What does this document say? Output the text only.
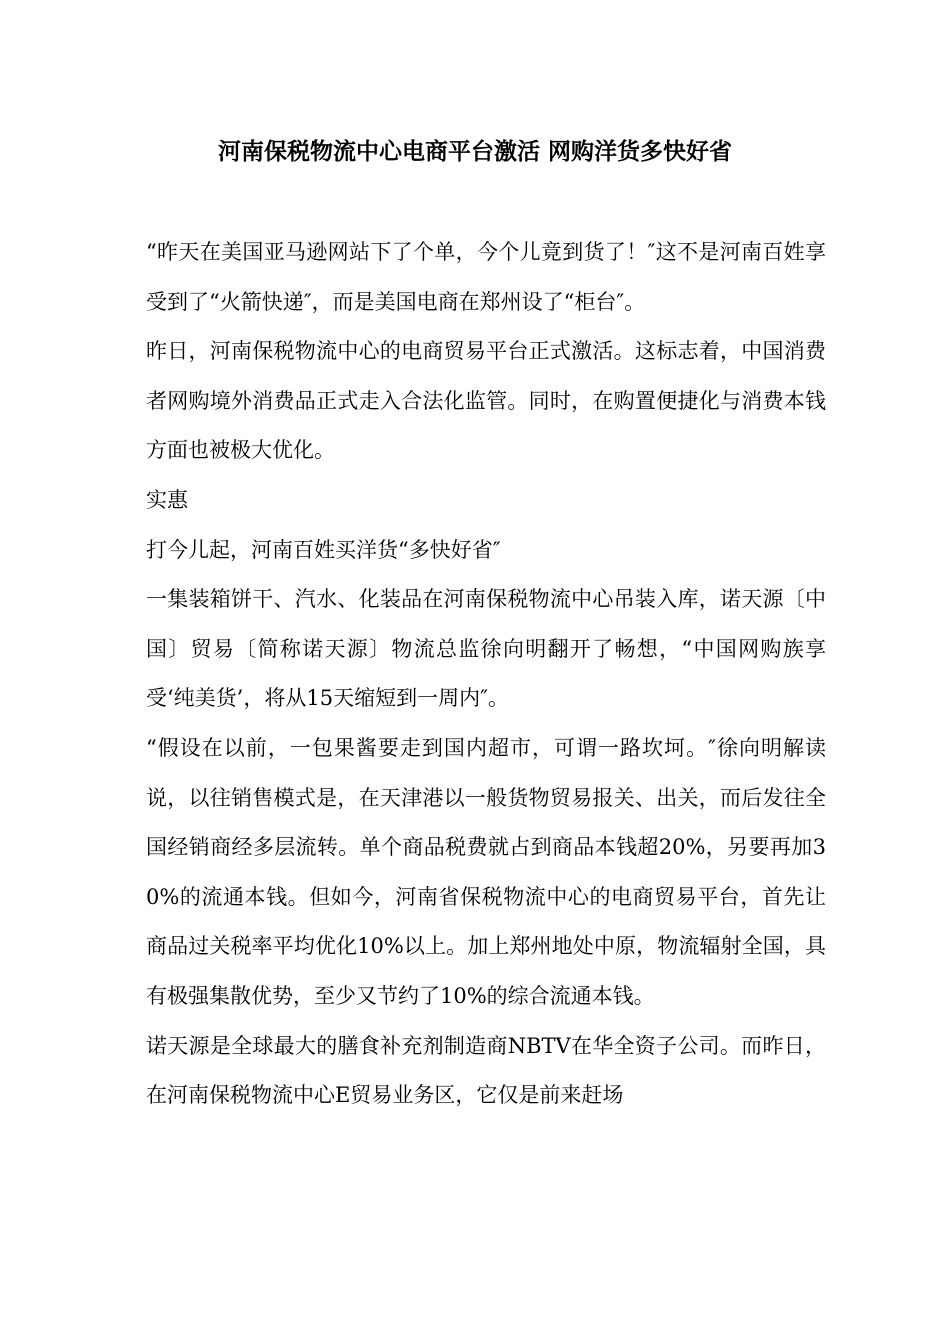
河南保税物流中心电商平台激活 网购洋货多快好省

“昨天在美国亚马逊网站下了个单，今个儿竟到货了！″这不是河南百姓享受到了“火箭快递″，而是美国电商在郑州设了“柜台″。

昨日，河南保税物流中心的电商贸易平台正式激活。这标志着，中国消费者网购境外消费品正式走入合法化监管。同时，在购置便捷化与消费本钱方面也被极大优化。

实惠

打今儿起，河南百姓买洋货“多快好省″

一集装箱饼干、汽水、化装品在河南保税物流中心吊装入库，诺天源〔中国〕贸易〔简称诺天源〕物流总监徐向明翻开了畅想，“中国网购族享受‘纯美货’，将从15天缩短到一周内″。

“假设在以前，一包果酱要走到国内超市，可谓一路坎坷。″徐向明解读说，以往销售模式是，在天津港以一般货物贸易报关、出关，而后发往全国经销商经多层流转。单个商品税费就占到商品本钱超20%，另要再加30%的流通本钱。但如今，河南省保税物流中心的电商贸易平台，首先让商品过关税率平均优化10%以上。加上郑州地处中原，物流辐射全国，具有极强集散优势，至少又节约了10%的综合流通本钱。

诺天源是全球最大的膳食补充剂制造商NBTV在华全资子公司。而昨日，在河南保税物流中心E贸易业务区，它仅是前来赶场
